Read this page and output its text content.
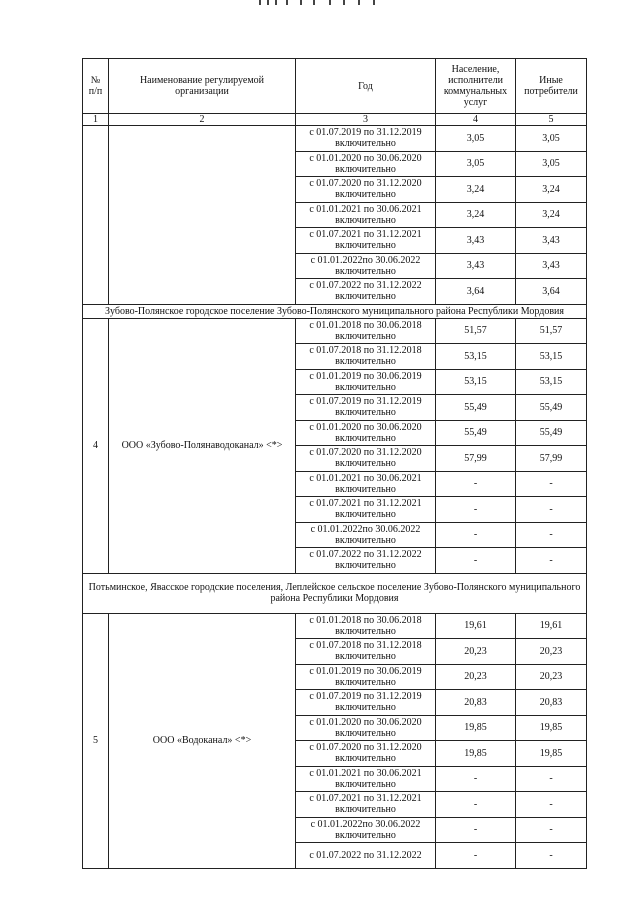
№ п/п	Наименование регулируемой организации	Год	Население, исполнители коммунальных услуг	Иные потребители
1	2	3	4	5
		с 01.07.2019 по 31.12.2019 включительно	3,05	3,05
		с 01.01.2020 по 30.06.2020 включительно	3,05	3,05
		с 01.07.2020 по 31.12.2020 включительно	3,24	3,24
		с 01.01.2021 по 30.06.2021 включительно	3,24	3,24
		с 01.07.2021 по 31.12.2021 включительно	3,43	3,43
		с 01.01.2022по 30.06.2022 включительно	3,43	3,43
		с 01.07.2022 по 31.12.2022 включительно	3,64	3,64
Зубово-Полянское городское поселение Зубово-Полянского муниципального района Республики Мордовия				
4	ООО «Зубово-Полянаводоканал» <*>	с 01.01.2018 по 30.06.2018 включительно	51,57	51,57
		с 01.07.2018 по 31.12.2018 включительно	53,15	53,15
		с 01.01.2019 по 30.06.2019 включительно	53,15	53,15
		с 01.07.2019 по 31.12.2019 включительно	55,49	55,49
		с 01.01.2020 по 30.06.2020 включительно	55,49	55,49
		с 01.07.2020 по 31.12.2020 включительно	57,99	57,99
		с 01.01.2021 по 30.06.2021 включительно	-	-
		с 01.07.2021 по 31.12.2021 включительно	-	-
		с 01.01.2022по 30.06.2022 включительно	-	-
		с 01.07.2022 по 31.12.2022 включительно	-	-
Потьминское, Явасское городские поселения, Леплейское сельское поселение Зубово-Полянского муниципального района Республики Мордовия				
5	ООО «Водоканал» <*>	с 01.01.2018 по 30.06.2018 включительно	19,61	19,61
		с 01.07.2018 по 31.12.2018 включительно	20,23	20,23
		с 01.01.2019 по 30.06.2019 включительно	20,23	20,23
		с 01.07.2019 по 31.12.2019 включительно	20,83	20,83
		с 01.01.2020 по 30.06.2020 включительно	19,85	19,85
		с 01.07.2020 по 31.12.2020 включительно	19,85	19,85
		с 01.01.2021 по 30.06.2021 включительно	-	-
		с 01.07.2021 по 31.12.2021 включительно	-	-
		с 01.01.2022по 30.06.2022 включительно	-	-
		с 01.07.2022 по 31.12.2022	-	-
